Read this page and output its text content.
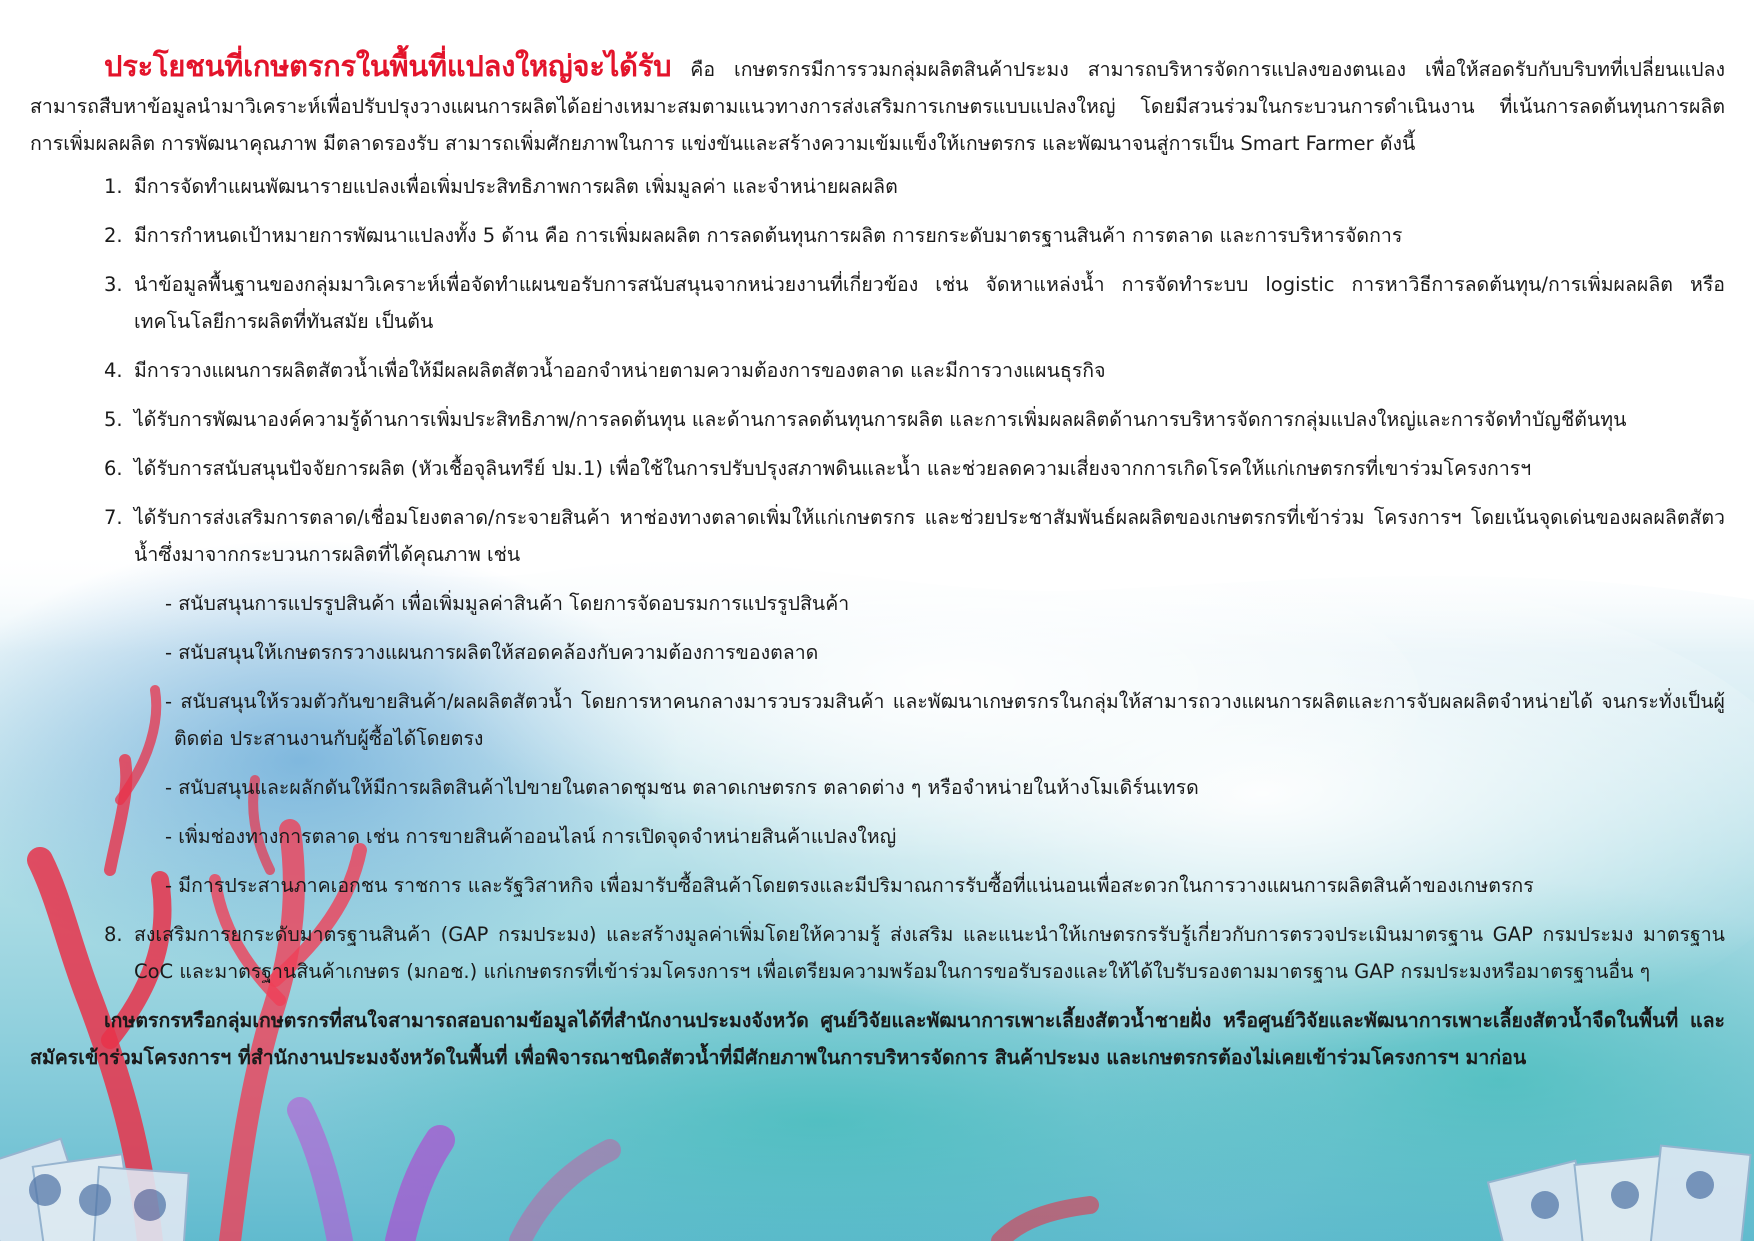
ประโยชนที่เกษตรกรในพื้นที่แปลงใหญ่จะได้รับ คือ เกษตรกรมีการรวมกลุ่มผลิตสินค้าประมง สามารถบริหารจัดการแปลงของตนเอง เพื่อให้สอดรับกับบริบทที่เปลี่ยนแปลง สามารถสืบหาข้อมูลนำมาวิเคราะห์เพื่อปรับปรุงวางแผนการผลิตได้อย่างเหมาะสมตามแนวทางการส่งเสริมการเกษตรแบบแปลงใหญ่ โดยมีสวนร่วมในกระบวนการดำเนินงาน ที่เน้นการลดต้นทุนการผลิต การเพิ่มผลผลิต การพัฒนาคุณภาพ มีตลาดรองรับ สามารถเพิ่มศักยภาพในการ แข่งขันและสร้างความเข้มแข็งให้เกษตรกร และพัฒนาจนสู่การเป็น Smart Farmer ดังนี้

1. มีการจัดทำแผนพัฒนารายแปลงเพื่อเพิ่มประสิทธิภาพการผลิต เพิ่มมูลค่า และจำหน่ายผลผลิต
2. มีการกำหนดเป้าหมายการพัฒนาแปลงทั้ง 5 ด้าน คือ การเพิ่มผลผลิต การลดต้นทุนการผลิต การยกระดับมาตรฐานสินค้า การตลาด และการบริหารจัดการ
3. นำข้อมูลพื้นฐานของกลุ่มมาวิเคราะห์เพื่อจัดทำแผนขอรับการสนับสนุนจากหน่วยงานที่เกี่ยวข้อง เช่น จัดหาแหล่งน้ำ การจัดทำระบบ logistic การหาวิธีการลดต้นทุน/การเพิ่มผลผลิต หรือเทคโนโลยีการผลิตที่ทันสมัย เป็นต้น
4. มีการวางแผนการผลิตสัตวน้ำเพื่อให้มีผลผลิตสัตวน้ำออกจำหน่ายตามความต้องการของตลาด และมีการวางแผนธุรกิจ
5. ได้รับการพัฒนาองค์ความรู้ด้านการเพิ่มประสิทธิภาพ/การลดต้นทุน และด้านการลดต้นทุนการผลิต และการเพิ่มผลผลิตด้านการบริหารจัดการกลุ่มแปลงใหญ่และการจัดทำบัญชีต้นทุน
6. ได้รับการสนับสนุนปัจจัยการผลิต (หัวเชื้อจุลินทรีย์ ปม.1) เพื่อใช้ในการปรับปรุงสภาพดินและน้ำ และช่วยลดความเสี่ยงจากการเกิดโรคให้แก่เกษตรกรที่เขาร่วมโครงการฯ
7. ได้รับการส่งเสริมการตลาด/เชื่อมโยงตลาด/กระจายสินค้า หาช่องทางตลาดเพิ่มให้แก่เกษตรกร และช่วยประชาสัมพันธ์ผลผลิตของเกษตรกรที่เข้าร่วม โครงการฯ โดยเน้นจุดเด่นของผลผลิตสัตวน้ำซึ่งมาจากกระบวนการผลิตที่ได้คุณภาพ เช่น
- สนับสนุนการแปรรูปสินค้า เพื่อเพิ่มมูลค่าสินค้า โดยการจัดอบรมการแปรรูปสินค้า
- สนับสนุนให้เกษตรกรวางแผนการผลิตให้สอดคล้องกับความต้องการของตลาด
- สนับสนุนให้รวมตัวกันขายสินค้า/ผลผลิตสัตวน้ำ โดยการหาคนกลางมารวบรวมสินค้า และพัฒนาเกษตรกรในกลุ่มให้สามารถวางแผนการผลิตและการจับผลผลิตจำหน่ายได้ จนกระทั่งเป็นผู้ติดต่อ ประสานงานกับผู้ซื้อได้โดยตรง
- สนับสนุนและผลักดันให้มีการผลิตสินค้าไปขายในตลาดชุมชน ตลาดเกษตรกร ตลาดต่าง ๆ หรือจำหน่ายในห้างโมเดิร์นเทรด
- เพิ่มช่องทางการตลาด เช่น การขายสินค้าออนไลน์ การเปิดจุดจำหน่ายสินค้าแปลงใหญ่
- มีการประสานภาคเอกชน ราชการ และรัฐวิสาหกิจ เพื่อมารับซื้อสินค้าโดยตรงและมีปริมาณการรับซื้อที่แน่นอนเพื่อสะดวกในการวางแผนการผลิตสินค้าของเกษตรกร
8. สงเสริมการยกระดับมาตรฐานสินค้า (GAP กรมประมง) และสร้างมูลค่าเพิ่มโดยให้ความรู้ ส่งเสริม และแนะนำให้เกษตรกรรับรู้เกี่ยวกับการตรวจประเมินมาตรฐาน GAP กรมประมง มาตรฐาน CoC และมาตรฐานสินค้าเกษตร (มกอช.) แก่เกษตรกรที่เข้าร่วมโครงการฯ เพื่อเตรียมความพร้อมในการขอรับรองและให้ได้ใบรับรองตามมาตรฐาน GAP กรมประมงหรือมาตรฐานอื่น ๆ

เกษตรกรหรือกลุ่มเกษตรกรที่สนใจสามารถสอบถามข้อมูลได้ที่สำนักงานประมงจังหวัด ศูนย์วิจัยและพัฒนาการเพาะเลี้ยงสัตวน้ำชายฝั่ง หรือศูนย์วิจัยและพัฒนาการเพาะเลี้ยงสัตวน้ำจืดในพื้นที่ และสมัครเข้าร่วมโครงการฯ ที่สำนักงานประมงจังหวัดในพื้นที่ เพื่อพิจารณาชนิดสัตวน้ำที่มีศักยภาพในการบริหารจัดการ สินค้าประมง และเกษตรกรต้องไม่เคยเข้าร่วมโครงการฯ มาก่อน
